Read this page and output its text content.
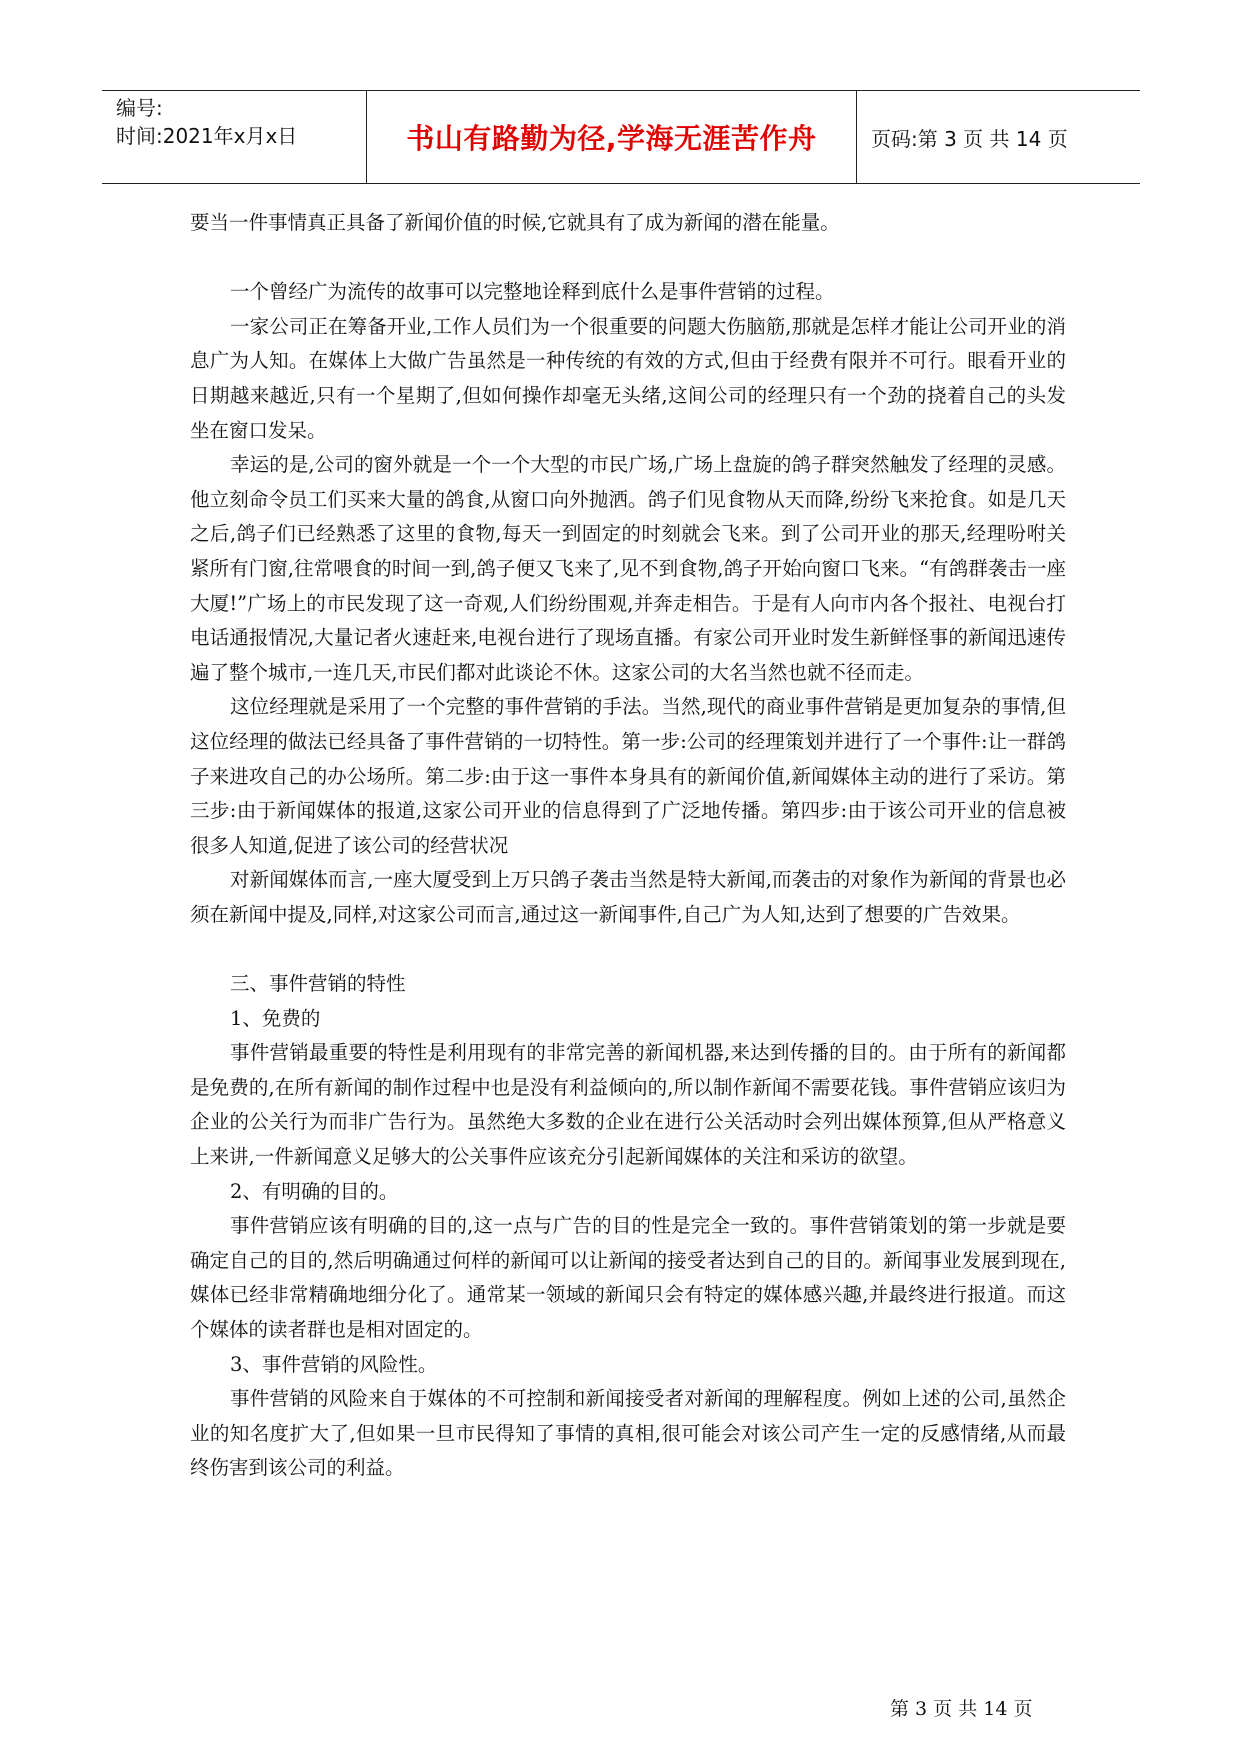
编号:
时间:2021年x月x日	书山有路勤为径,学海无涯苦作舟	页码:第 3 页 共 14 页

要当一件事情真正具备了新闻价值的时候,它就具有了成为新闻的潜在能量。

一个曾经广为流传的故事可以完整地诠释到底什么是事件营销的过程。

一家公司正在筹备开业,工作人员们为一个很重要的问题大伤脑筋,那就是怎样才能让公司开业的消息广为人知。在媒体上大做广告虽然是一种传统的有效的方式,但由于经费有限并不可行。眼看开业的日期越来越近,只有一个星期了,但如何操作却毫无头绪,这间公司的经理只有一个劲的挠着自己的头发坐在窗口发呆。

幸运的是,公司的窗外就是一个一个大型的市民广场,广场上盘旋的鸽子群突然触发了经理的灵感。他立刻命令员工们买来大量的鸽食,从窗口向外抛洒。鸽子们见食物从天而降,纷纷飞来抢食。如是几天之后,鸽子们已经熟悉了这里的食物,每天一到固定的时刻就会飞来。到了公司开业的那天,经理吩咐关紧所有门窗,往常喂食的时间一到,鸽子便又飞来了,见不到食物,鸽子开始向窗口飞来。“有鸽群袭击一座大厦!”广场上的市民发现了这一奇观,人们纷纷围观,并奔走相告。于是有人向市内各个报社、电视台打电话通报情况,大量记者火速赶来,电视台进行了现场直播。有家公司开业时发生新鲜怪事的新闻迅速传遍了整个城市,一连几天,市民们都对此谈论不休。这家公司的大名当然也就不径而走。

这位经理就是采用了一个完整的事件营销的手法。当然,现代的商业事件营销是更加复杂的事情,但这位经理的做法已经具备了事件营销的一切特性。第一步:公司的经理策划并进行了一个事件:让一群鸽子来进攻自己的办公场所。第二步:由于这一事件本身具有的新闻价值,新闻媒体主动的进行了采访。第三步:由于新闻媒体的报道,这家公司开业的信息得到了广泛地传播。第四步:由于该公司开业的信息被很多人知道,促进了该公司的经营状况

对新闻媒体而言,一座大厦受到上万只鸽子袭击当然是特大新闻,而袭击的对象作为新闻的背景也必须在新闻中提及,同样,对这家公司而言,通过这一新闻事件,自己广为人知,达到了想要的广告效果。

三、事件营销的特性

1、免费的

事件营销最重要的特性是利用现有的非常完善的新闻机器,来达到传播的目的。由于所有的新闻都是免费的,在所有新闻的制作过程中也是没有利益倾向的,所以制作新闻不需要花钱。事件营销应该归为企业的公关行为而非广告行为。虽然绝大多数的企业在进行公关活动时会列出媒体预算,但从严格意义上来讲,一件新闻意义足够大的公关事件应该充分引起新闻媒体的关注和采访的欲望。

2、有明确的目的。

事件营销应该有明确的目的,这一点与广告的目的性是完全一致的。事件营销策划的第一步就是要确定自己的目的,然后明确通过何样的新闻可以让新闻的接受者达到自己的目的。新闻事业发展到现在,媒体已经非常精确地细分化了。通常某一领域的新闻只会有特定的媒体感兴趣,并最终进行报道。而这个媒体的读者群也是相对固定的。

3、事件营销的风险性。

事件营销的风险来自于媒体的不可控制和新闻接受者对新闻的理解程度。例如上述的公司,虽然企业的知名度扩大了,但如果一旦市民得知了事情的真相,很可能会对该公司产生一定的反感情绪,从而最终伤害到该公司的利益。

第 3 页 共 14 页
